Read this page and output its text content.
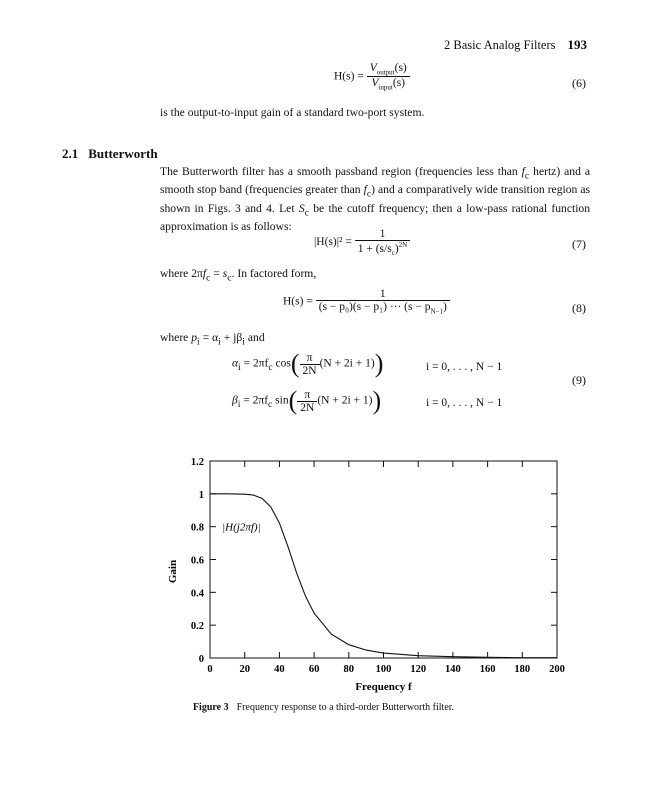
2 Basic Analog Filters 193
$H(s) = \frac{V_{output}(s)}{V_{input}(s)}$	(6)
is the output-to-input gain of a standard two-port system.
2.1 Butterworth
The Butterworth filter has a smooth passband region (frequencies less than $f_c$ hertz) and a smooth stop band (frequencies greater than $f_c$) and a comparatively wide transition region as shown in Figs. 3 and 4. Let $S_c$ be the cutoff frequency; then a low-pass rational function approximation is as follows:
$|H(s)|^2 = \frac{1}{1 + (s/s_c)^{2N}}$	(7)
where $2\pi f_c = s_c$. In factored form,
$H(s) = \frac{1}{(s - p_0)(s - p_1) \cdot\cdot\cdot (s - p_{N-1})}$	(8)
where $p_i = \alpha_i + j\beta_i$ and
$\alpha_i = 2\pi f_c$ $\cos( \frac{\pi}{2N} (N + 2i + 1))$	i = 0, . . . , N − 1
$\beta_i = 2\pi f_c$ $\sin( \frac{\pi}{2N} (N + 2i + 1))$	i = 0, . . . , N − 1
(9)
0	20 40 60 80 100 120 140 160 180 200
0
0.2
0.4
0.6
0.8
1
1.2
|H(j2πf)|
Frequency f
Gain
Figure 3 Frequency response to a third-order Butterworth filter.
